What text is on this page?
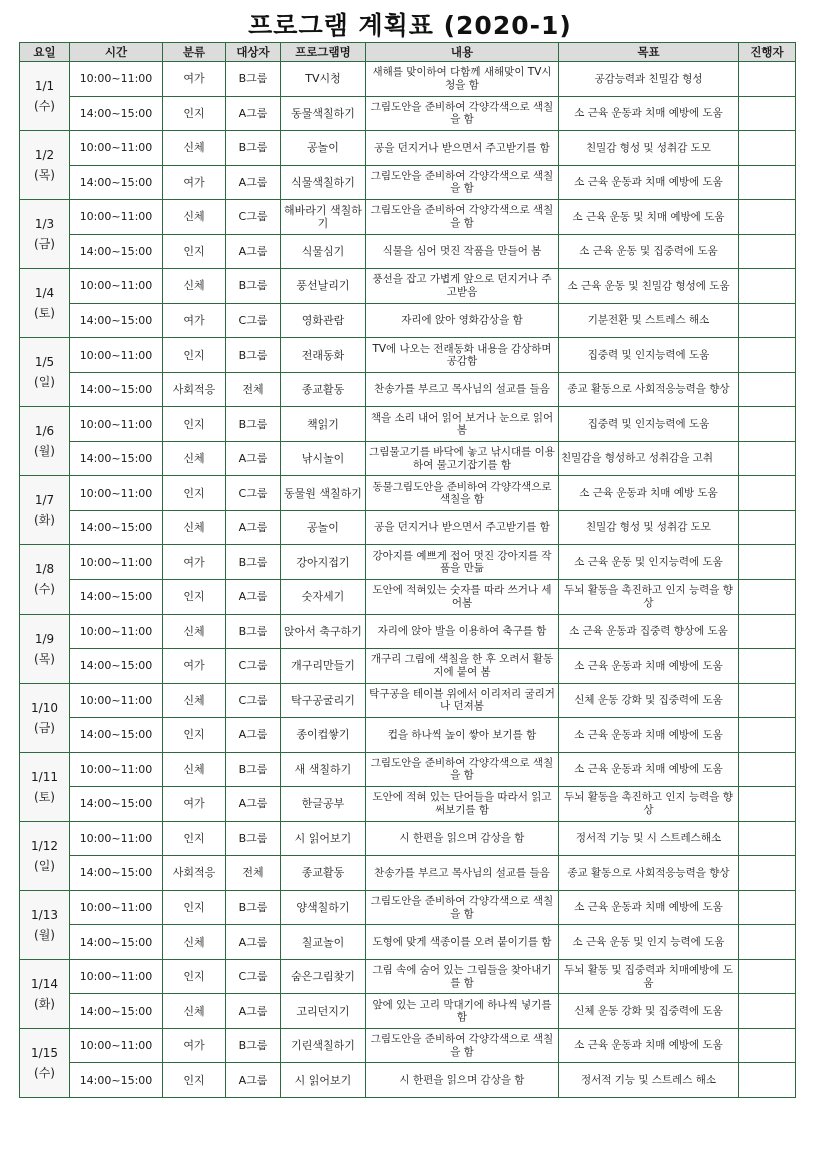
프로그램 계획표 (2020-1)
요일	시간	분류	대상자	프로그램명	내용	목표	진행자

1/1
(수)	10:00~11:00	여가	B그룹	TV시청	새해를 맞이하여 다함께 새해맞이 TV시청을 함	공감능력과 친밀감 형성	
	14:00~15:00	인지	A그룹	동물색칠하기	그림도안을 준비하여 각양각색으로 색칠을 함	소 근육 운동과 치매 예방에 도움	

1/2
(목)	10:00~11:00	신체	B그룹	공놀이	공을 던지거나 받으면서 주고받기를 함	친밀감 형성 및 성취감 도모	
	14:00~15:00	여가	A그룹	식물색칠하기	그림도안을 준비하여 각양각색으로 색칠을 함	소 근육 운동과 치매 예방에 도움	

1/3
(금)	10:00~11:00	신체	C그룹	해바라기 색칠하기	그림도안을 준비하여 각양각색으로 색칠을 함	소 근육 운동 및 치매 예방에 도움	
	14:00~15:00	인지	A그룹	식물심기	식물을 심어 멋진 작품을 만들어 봄	소 근육 운동 및 집중력에 도움	

1/4
(토)	10:00~11:00	신체	B그룹	풍선날리기	풍선을 잡고 가볍게 앞으로 던지거나 주고받음	소 근육 운동 및 친밀감 형성에 도움	
	14:00~15:00	여가	C그룹	영화관람	자리에 앉아 영화감상을 함	기분전환 및 스트레스 해소	

1/5
(일)	10:00~11:00	인지	B그룹	전래동화	TV에 나오는 전래동화 내용을 감상하며 공감함	집중력 및 인지능력에 도움	
	14:00~15:00	사회적응	전체	종교활동	찬송가를 부르고 목사님의 설교를 들음	종교 활동으로 사회적응능력을 향상	

1/6
(월)	10:00~11:00	인지	B그룹	책읽기	책을 소리 내어 읽어 보거나 눈으로 읽어봄	집중력 및 인지능력에 도움	
	14:00~15:00	신체	A그룹	낚시놀이	그림물고기를 바닥에 놓고 낚시대를 이용하여 물고기잡기를 함	친밀감을 형성하고 성취감을 고취	

1/7
(화)	10:00~11:00	인지	C그룹	동물원 색칠하기	동물그림도안을 준비하여 각양각색으로 색칠을 함	소 근육 운동과 치매 예방 도움	
	14:00~15:00	신체	A그룹	공놀이	공을 던지거나 받으면서 주고받기를 함	친밀감 형성 및 성취감 도모	

1/8
(수)	10:00~11:00	여가	B그룹	강아지접기	강아지를 예쁘게 접어 멋진 강아지를 작품을 만듦	소 근육 운동 및 인지능력에 도움	
	14:00~15:00	인지	A그룹	숫자세기	도안에 적혀있는 숫자를 따라 쓰거나 세어봄	두뇌 활동을 촉진하고 인지 능력을 향상	

1/9
(목)	10:00~11:00	신체	B그룹	앉아서 축구하기	자리에 앉아 발을 이용하여 축구를 함	소 근육 운동과 집중력 향상에 도움	
	14:00~15:00	여가	C그룹	개구리만들기	개구리 그림에 색칠을 한 후 오려서 활동지에 붙여 봄	소 근육 운동과 치매 예방에 도움	

1/10
(금)	10:00~11:00	신체	C그룹	탁구공굴리기	탁구공을 테이블 위에서 이리저리 굴리거나 던져봄	신체 운동 강화 및 집중력에 도움	
	14:00~15:00	인지	A그룹	종이컵쌓기	컵을 하나씩 높이 쌓아 보기를 함	소 근육 운동과 치매 예방에 도움	

1/11
(토)	10:00~11:00	신체	B그룹	새 색칠하기	그림도안을 준비하여 각양각색으로 색칠을 함	소 근육 운동과 치매 예방에 도움	
	14:00~15:00	여가	A그룹	한글공부	도안에 적혀 있는 단어들을 따라서 읽고 써보기를 함	두뇌 활동을 촉진하고 인지 능력을 향상	

1/12
(일)	10:00~11:00	인지	B그룹	시 읽어보기	시 한편을 읽으며 감상을 함	정서적 기능 및 시 스트레스해소	
	14:00~15:00	사회적응	전체	종교활동	찬송가를 부르고 목사님의 설교를 들음	종교 활동으로 사회적응능력을 향상	

1/13
(월)	10:00~11:00	인지	B그룹	양색칠하기	그림도안을 준비하여 각양각색으로 색칠을 함	소 근육 운동과 치매 예방에 도움	
	14:00~15:00	신체	A그룹	칠교놀이	도형에 맞게 색종이를 오려 붙이기를 함	소 근육 운동 및 인지 능력에 도움	

1/14
(화)	10:00~11:00	인지	C그룹	숨은그림찾기	그림 속에 숨어 있는 그림들을 찾아내기를 함	두뇌 활동 및 집중력과 치매예방에 도움	
	14:00~15:00	신체	A그룹	고리던지기	앞에 있는 고리 막대기에 하나씩 넣기를 함	신체 운동 강화 및 집중력에 도움	

1/15
(수)	10:00~11:00	여가	B그룹	기린색칠하기	그림도안을 준비하여 각양각색으로 색칠을 함	소 근육 운동과 치매 예방에 도움	
	14:00~15:00	인지	A그룹	시 읽어보기	시 한편을 읽으며 감상을 함	정서적 기능 및 스트레스 해소	
